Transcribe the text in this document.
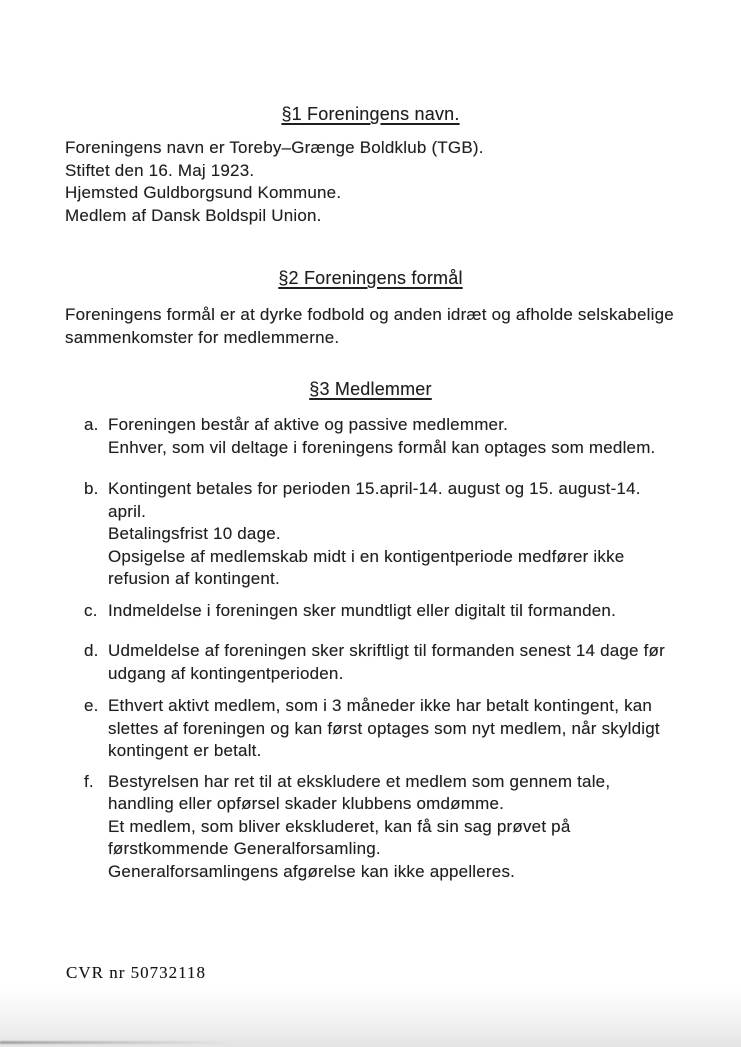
§1 Foreningens navn.
Foreningens navn er Toreby–Grænge Boldklub (TGB).
Stiftet den 16. Maj 1923.
Hjemsted Guldborgsund Kommune.
Medlem af Dansk Boldspil Union.
§2 Foreningens formål
Foreningens formål er at dyrke fodbold og anden idræt og afholde selskabelige
sammenkomster for medlemmerne.
§3 Medlemmer
a. Foreningen består af aktive og passive medlemmer.
Enhver, som vil deltage i foreningens formål kan optages som medlem.
b. Kontingent betales for perioden 15.april-14. august og 15. august-14.
april.
Betalingsfrist 10 dage.
Opsigelse af medlemskab midt i en kontigentperiode medfører ikke
refusion af kontingent.
c. Indmeldelse i foreningen sker mundtligt eller digitalt til formanden.
d. Udmeldelse af foreningen sker skriftligt til formanden senest 14 dage før
udgang af kontingentperioden.
e. Ethvert aktivt medlem, som i 3 måneder ikke har betalt kontingent, kan
slettes af foreningen og kan først optages som nyt medlem, når skyldigt
kontingent er betalt.
f. Bestyrelsen har ret til at ekskludere et medlem som gennem tale,
handling eller opførsel skader klubbens omdømme.
Et medlem, som bliver ekskluderet, kan få sin sag prøvet på
førstkommende Generalforsamling.
Generalforsamlingens afgørelse kan ikke appelleres.
CVR nr 50732118
